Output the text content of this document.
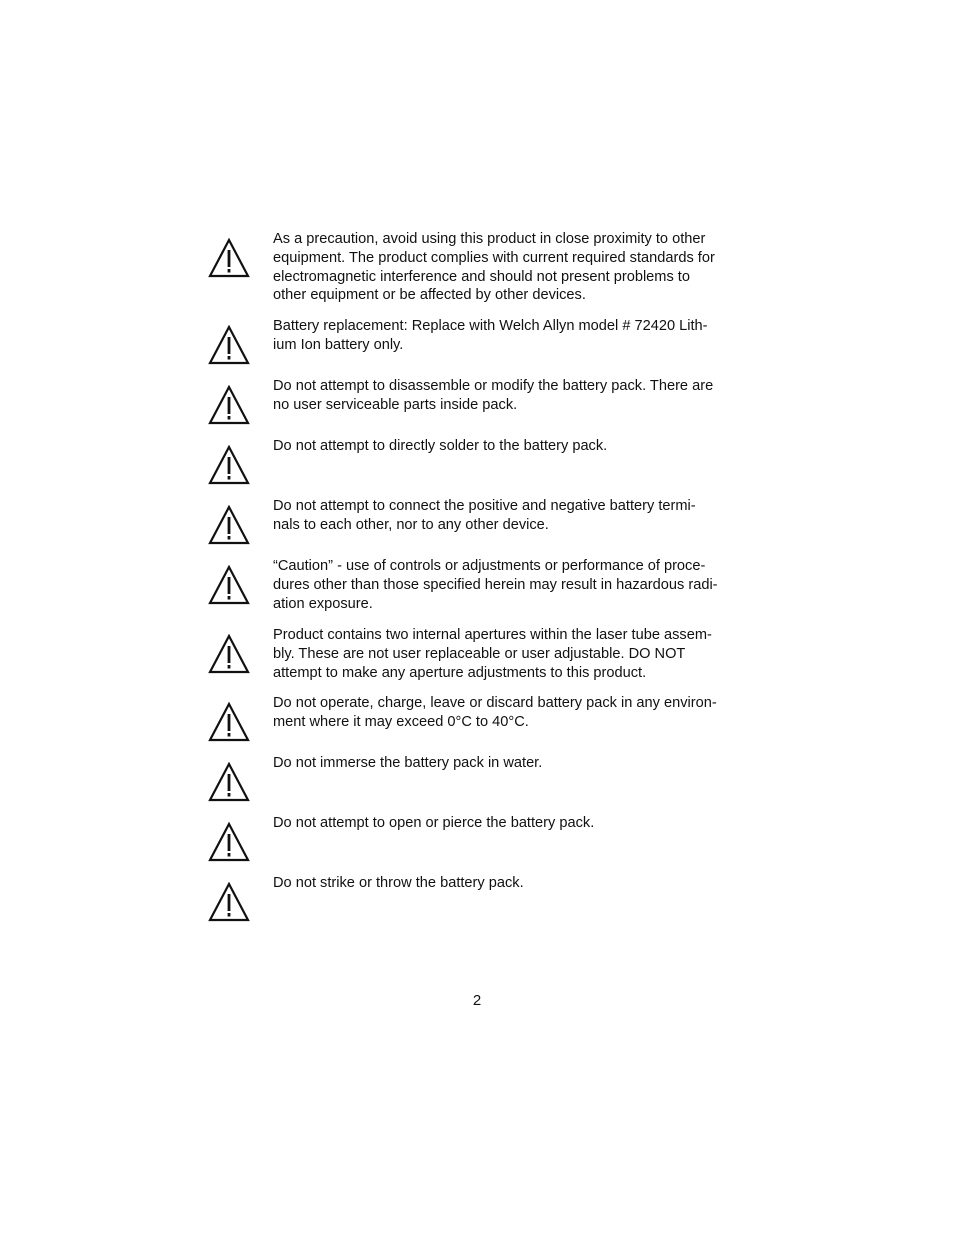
As a precaution, avoid using this product in close proximity to other
equipment. The product complies with current required standards for
electromagnetic interference and should not present problems to
other equipment or be affected by other devices.
Battery replacement: Replace with Welch Allyn model # 72420 Lith-
ium Ion battery only.
Do not attempt to disassemble or modify the battery pack. There are
no user serviceable parts inside pack.
Do not attempt to directly solder to the battery pack.
Do not attempt to connect the positive and negative battery termi-
nals to each other, nor to any other device.
“Caution” - use of controls or adjustments or performance of proce-
dures other than those specified herein may result in hazardous radi-
ation exposure.
Product contains two internal apertures within the laser tube assem-
bly. These are not user replaceable or user adjustable. DO NOT
attempt to make any aperture adjustments to this product.
Do not operate, charge, leave or discard battery pack in any environ-
ment where it may exceed 0°C to 40°C.
Do not immerse the battery pack in water.
Do not attempt to open or pierce the battery pack.
Do not strike or throw the battery pack.
2
